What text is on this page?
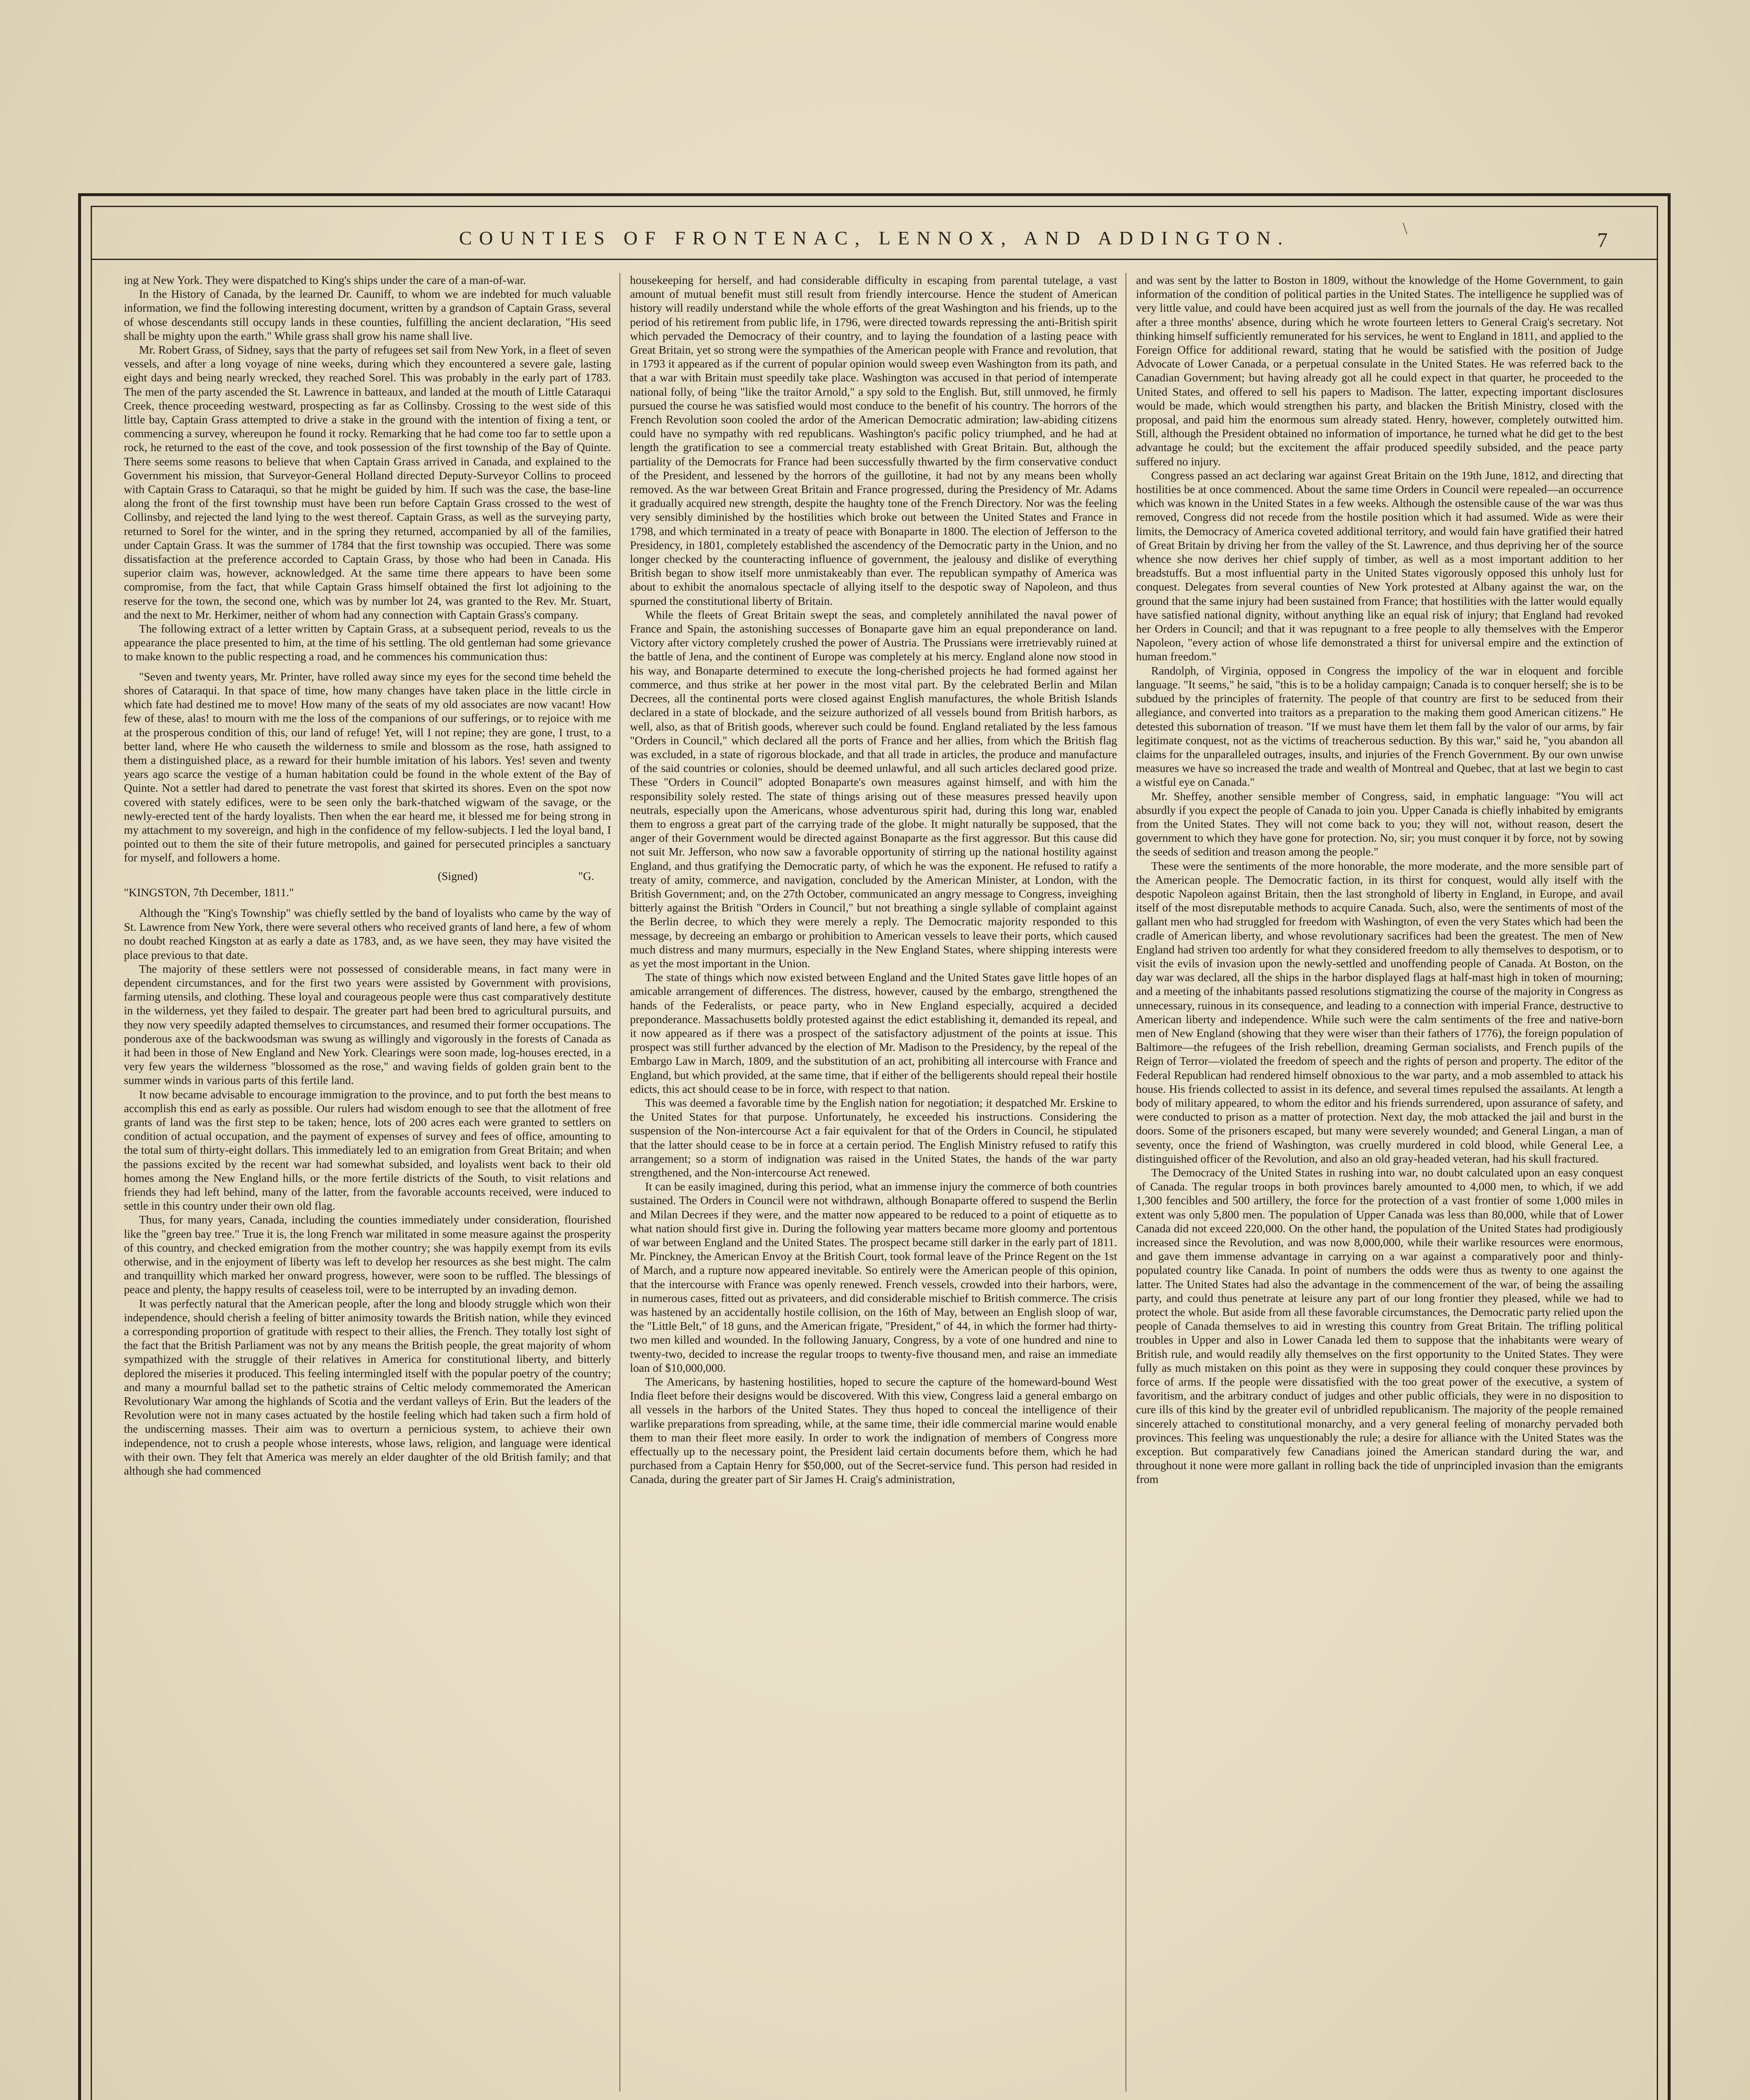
\
COUNTIES OF FRONTENAC, LENNOX, AND ADDINGTON.	7

ing at New York. They were dispatched to King's ships under the care of a man-of-war.

In the History of Canada, by the learned Dr. Cauniff, to whom we are indebted for much valuable information, we find the following interesting document, written by a grandson of Captain Grass, several of whose descendants still occupy lands in these counties, fulfilling the ancient declaration, "His seed shall be mighty upon the earth." While grass shall grow his name shall live.

Mr. Robert Grass, of Sidney, says that the party of refugees set sail from New York, in a fleet of seven vessels, and after a long voyage of nine weeks, during which they encountered a severe gale, lasting eight days and being nearly wrecked, they reached Sorel. This was probably in the early part of 1783. The men of the party ascended the St. Lawrence in batteaux, and landed at the mouth of Little Cataraqui Creek, thence proceeding westward, prospecting as far as Collinsby. Crossing to the west side of this little bay, Captain Grass attempted to drive a stake in the ground with the intention of fixing a tent, or commencing a survey, whereupon he found it rocky. Remarking that he had come too far to settle upon a rock, he returned to the east of the cove, and took possession of the first township of the Bay of Quinte. There seems some reasons to believe that when Captain Grass arrived in Canada, and explained to the Government his mission, that Surveyor-General Holland directed Deputy-Surveyor Collins to proceed with Captain Grass to Cataraqui, so that he might be guided by him. If such was the case, the base-line along the front of the first township must have been run before Captain Grass crossed to the west of Collinsby, and rejected the land lying to the west thereof. Captain Grass, as well as the surveying party, returned to Sorel for the winter, and in the spring they returned, accompanied by all of the families, under Captain Grass. It was the summer of 1784 that the first township was occupied. There was some dissatisfaction at the preference accorded to Captain Grass, by those who had been in Canada. His superior claim was, however, acknowledged. At the same time there appears to have been some compromise, from the fact, that while Captain Grass himself obtained the first lot adjoining to the reserve for the town, the second one, which was by number lot 24, was granted to the Rev. Mr. Stuart, and the next to Mr. Herkimer, neither of whom had any connection with Captain Grass's company.

The following extract of a letter written by Captain Grass, at a subsequent period, reveals to us the appearance the place presented to him, at the time of his settling. The old gentleman had some grievance to make known to the public respecting a road, and he commences his communication thus:

"Seven and twenty years, Mr. Printer, have rolled away since my eyes for the second time beheld the shores of Cataraqui. In that space of time, how many changes have taken place in the little circle in which fate had destined me to move! How many of the seats of my old associates are now vacant! How few of these, alas! to mourn with me the loss of the companions of our sufferings, or to rejoice with me at the prosperous condition of this, our land of refuge! Yet, will I not repine; they are gone, I trust, to a better land, where He who causeth the wilderness to smile and blossom as the rose, hath assigned to them a distinguished place, as a reward for their humble imitation of his labors. Yes! seven and twenty years ago scarce the vestige of a human habitation could be found in the whole extent of the Bay of Quinte. Not a settler had dared to penetrate the vast forest that skirted its shores. Even on the spot now covered with stately edifices, were to be seen only the bark-thatched wigwam of the savage, or the newly-erected tent of the hardy loyalists. Then when the ear heard me, it blessed me for being strong in my attachment to my sovereign, and high in the confidence of my fellow-subjects. I led the loyal band, I pointed out to them the site of their future metropolis, and gained for persecuted principles a sanctuary for myself, and followers a home.

(Signed)	"G.

"KINGSTON, 7th December, 1811."

Although the "King's Township" was chiefly settled by the band of loyalists who came by the way of St. Lawrence from New York, there were several others who received grants of land here, a few of whom no doubt reached Kingston at as early a date as 1783, and, as we have seen, they may have visited the place previous to that date.

The majority of these settlers were not possessed of considerable means, in fact many were in dependent circumstances, and for the first two years were assisted by Government with provisions, farming utensils, and clothing. These loyal and courageous people were thus cast comparatively destitute in the wilderness, yet they failed to despair. The greater part had been bred to agricultural pursuits, and they now very speedily adapted themselves to circumstances, and resumed their former occupations. The ponderous axe of the backwoodsman was swung as willingly and vigorously in the forests of Canada as it had been in those of New England and New York. Clearings were soon made, log-houses erected, in a very few years the wilderness "blossomed as the rose," and waving fields of golden grain bent to the summer winds in various parts of this fertile land.

It now became advisable to encourage immigration to the province, and to put forth the best means to accomplish this end as early as possible. Our rulers had wisdom enough to see that the allotment of free grants of land was the first step to be taken; hence, lots of 200 acres each were granted to settlers on condition of actual occupation, and the payment of expenses of survey and fees of office, amounting to the total sum of thirty-eight dollars. This immediately led to an emigration from Great Britain; and when the passions excited by the recent war had somewhat subsided, and loyalists went back to their old homes among the New England hills, or the more fertile districts of the South, to visit relations and friends they had left behind, many of the latter, from the favorable accounts received, were induced to settle in this country under their own old flag.

Thus, for many years, Canada, including the counties immediately under consideration, flourished like the "green bay tree." True it is, the long French war militated in some measure against the prosperity of this country, and checked emigration from the mother country; she was happily exempt from its evils otherwise, and in the enjoyment of liberty was left to develop her resources as she best might. The calm and tranquillity which marked her onward progress, however, were soon to be ruffled. The blessings of peace and plenty, the happy results of ceaseless toil, were to be interrupted by an invading demon.

It was perfectly natural that the American people, after the long and bloody struggle which won their independence, should cherish a feeling of bitter animosity towards the British nation, while they evinced a corresponding proportion of gratitude with respect to their allies, the French. They totally lost sight of the fact that the British Parliament was not by any means the British people, the great majority of whom sympathized with the struggle of their relatives in America for constitutional liberty, and bitterly deplored the miseries it produced. This feeling intermingled itself with the popular poetry of the country; and many a mournful ballad set to the pathetic strains of Celtic melody commemorated the American Revolutionary War among the highlands of Scotia and the verdant valleys of Erin. But the leaders of the Revolution were not in many cases actuated by the hostile feeling which had taken such a firm hold of the undiscerning masses. Their aim was to overturn a pernicious system, to achieve their own independence, not to crush a people whose interests, whose laws, religion, and language were identical with their own. They felt that America was merely an elder daughter of the old British family; and that although she had commenced

housekeeping for herself, and had considerable difficulty in escaping from parental tutelage, a vast amount of mutual benefit must still result from friendly intercourse. Hence the student of American history will readily understand while the whole efforts of the great Washington and his friends, up to the period of his retirement from public life, in 1796, were directed towards repressing the anti-British spirit which pervaded the Democracy of their country, and to laying the foundation of a lasting peace with Great Britain, yet so strong were the sympathies of the American people with France and revolution, that in 1793 it appeared as if the current of popular opinion would sweep even Washington from its path, and that a war with Britain must speedily take place. Washington was accused in that period of intemperate national folly, of being "like the traitor Arnold," a spy sold to the English. But, still unmoved, he firmly pursued the course he was satisfied would most conduce to the benefit of his country. The horrors of the French Revolution soon cooled the ardor of the American Democratic admiration; law-abiding citizens could have no sympathy with red republicans. Washington's pacific policy triumphed, and he had at length the gratification to see a commercial treaty established with Great Britain. But, although the partiality of the Democrats for France had been successfully thwarted by the firm conservative conduct of the President, and lessened by the horrors of the guillotine, it had not by any means been wholly removed. As the war between Great Britain and France progressed, during the Presidency of Mr. Adams it gradually acquired new strength, despite the haughty tone of the French Directory. Nor was the feeling very sensibly diminished by the hostilities which broke out between the United States and France in 1798, and which terminated in a treaty of peace with Bonaparte in 1800. The election of Jefferson to the Presidency, in 1801, completely established the ascendency of the Democratic party in the Union, and no longer checked by the counteracting influence of government, the jealousy and dislike of everything British began to show itself more unmistakeably than ever. The republican sympathy of America was about to exhibit the anomalous spectacle of allying itself to the despotic sway of Napoleon, and thus spurned the constitutional liberty of Britain.

While the fleets of Great Britain swept the seas, and completely annihilated the naval power of France and Spain, the astonishing successes of Bonaparte gave him an equal preponderance on land. Victory after victory completely crushed the power of Austria. The Prussians were irretrievably ruined at the battle of Jena, and the continent of Europe was completely at his mercy. England alone now stood in his way, and Bonaparte determined to execute the long-cherished projects he had formed against her commerce, and thus strike at her power in the most vital part. By the celebrated Berlin and Milan Decrees, all the continental ports were closed against English manufactures, the whole British Islands declared in a state of blockade, and the seizure authorized of all vessels bound from British harbors, as well, also, as that of British goods, wherever such could be found. England retaliated by the less famous "Orders in Council," which declared all the ports of France and her allies, from which the British flag was excluded, in a state of rigorous blockade, and that all trade in articles, the produce and manufacture of the said countries or colonies, should be deemed unlawful, and all such articles declared good prize. These "Orders in Council" adopted Bonaparte's own measures against himself, and with him the responsibility solely rested. The state of things arising out of these measures pressed heavily upon neutrals, especially upon the Americans, whose adventurous spirit had, during this long war, enabled them to engross a great part of the carrying trade of the globe. It might naturally be supposed, that the anger of their Government would be directed against Bonaparte as the first aggressor. But this cause did not suit Mr. Jefferson, who now saw a favorable opportunity of stirring up the national hostility against England, and thus gratifying the Democratic party, of which he was the exponent. He refused to ratify a treaty of amity, commerce, and navigation, concluded by the American Minister, at London, with the British Government; and, on the 27th October, communicated an angry message to Congress, inveighing bitterly against the British "Orders in Council," but not breathing a single syllable of complaint against the Berlin decree, to which they were merely a reply. The Democratic majority responded to this message, by decreeing an embargo or prohibition to American vessels to leave their ports, which caused much distress and many murmurs, especially in the New England States, where shipping interests were as yet the most important in the Union.

The state of things which now existed between England and the United States gave little hopes of an amicable arrangement of differences. The distress, however, caused by the embargo, strengthened the hands of the Federalists, or peace party, who in New England especially, acquired a decided preponderance. Massachusetts boldly protested against the edict establishing it, demanded its repeal, and it now appeared as if there was a prospect of the satisfactory adjustment of the points at issue. This prospect was still further advanced by the election of Mr. Madison to the Presidency, by the repeal of the Embargo Law in March, 1809, and the substitution of an act, prohibiting all intercourse with France and England, but which provided, at the same time, that if either of the belligerents should repeal their hostile edicts, this act should cease to be in force, with respect to that nation.

This was deemed a favorable time by the English nation for negotiation; it despatched Mr. Erskine to the United States for that purpose. Unfortunately, he exceeded his instructions. Considering the suspension of the Non-intercourse Act a fair equivalent for that of the Orders in Council, he stipulated that the latter should cease to be in force at a certain period. The English Ministry refused to ratify this arrangement; so a storm of indignation was raised in the United States, the hands of the war party strengthened, and the Non-intercourse Act renewed.

It can be easily imagined, during this period, what an immense injury the commerce of both countries sustained. The Orders in Council were not withdrawn, although Bonaparte offered to suspend the Berlin and Milan Decrees if they were, and the matter now appeared to be reduced to a point of etiquette as to what nation should first give in. During the following year matters became more gloomy and portentous of war between England and the United States. The prospect became still darker in the early part of 1811. Mr. Pinckney, the American Envoy at the British Court, took formal leave of the Prince Regent on the 1st of March, and a rupture now appeared inevitable. So entirely were the American people of this opinion, that the intercourse with France was openly renewed. French vessels, crowded into their harbors, were, in numerous cases, fitted out as privateers, and did considerable mischief to British commerce. The crisis was hastened by an accidentally hostile collision, on the 16th of May, between an English sloop of war, the "Little Belt," of 18 guns, and the American frigate, "President," of 44, in which the former had thirty-two men killed and wounded. In the following January, Congress, by a vote of one hundred and nine to twenty-two, decided to increase the regular troops to twenty-five thousand men, and raise an immediate loan of $10,000,000.

The Americans, by hastening hostilities, hoped to secure the capture of the homeward-bound West India fleet before their designs would be discovered. With this view, Congress laid a general embargo on all vessels in the harbors of the United States. They thus hoped to conceal the intelligence of their warlike preparations from spreading, while, at the same time, their idle commercial marine would enable them to man their fleet more easily. In order to work the indignation of members of Congress more effectually up to the necessary point, the President laid certain documents before them, which he had purchased from a Captain Henry for $50,000, out of the Secret-service fund. This person had resided in Canada, during the greater part of Sir James H. Craig's administration,

and was sent by the latter to Boston in 1809, without the knowledge of the Home Government, to gain information of the condition of political parties in the United States. The intelligence he supplied was of very little value, and could have been acquired just as well from the journals of the day. He was recalled after a three months' absence, during which he wrote fourteen letters to General Craig's secretary. Not thinking himself sufficiently remunerated for his services, he went to England in 1811, and applied to the Foreign Office for additional reward, stating that he would be satisfied with the position of Judge Advocate of Lower Canada, or a perpetual consulate in the United States. He was referred back to the Canadian Government; but having already got all he could expect in that quarter, he proceeded to the United States, and offered to sell his papers to Madison. The latter, expecting important disclosures would be made, which would strengthen his party, and blacken the British Ministry, closed with the proposal, and paid him the enormous sum already stated. Henry, however, completely outwitted him. Still, although the President obtained no information of importance, he turned what he did get to the best advantage he could; but the excitement the affair produced speedily subsided, and the peace party suffered no injury.

Congress passed an act declaring war against Great Britain on the 19th June, 1812, and directing that hostilities be at once commenced. About the same time Orders in Council were repealed—an occurrence which was known in the United States in a few weeks. Although the ostensible cause of the war was thus removed, Congress did not recede from the hostile position which it had assumed. Wide as were their limits, the Democracy of America coveted additional territory, and would fain have gratified their hatred of Great Britain by driving her from the valley of the St. Lawrence, and thus depriving her of the source whence she now derives her chief supply of timber, as well as a most important addition to her breadstuffs. But a most influential party in the United States vigorously opposed this unholy lust for conquest. Delegates from several counties of New York protested at Albany against the war, on the ground that the same injury had been sustained from France; that hostilities with the latter would equally have satisfied national dignity, without anything like an equal risk of injury; that England had revoked her Orders in Council; and that it was repugnant to a free people to ally themselves with the Emperor Napoleon, "every action of whose life demonstrated a thirst for universal empire and the extinction of human freedom."

Randolph, of Virginia, opposed in Congress the impolicy of the war in eloquent and forcible language. "It seems," he said, "this is to be a holiday campaign; Canada is to conquer herself; she is to be subdued by the principles of fraternity. The people of that country are first to be seduced from their allegiance, and converted into traitors as a preparation to the making them good American citizens." He detested this subornation of treason. "If we must have them let them fall by the valor of our arms, by fair legitimate conquest, not as the victims of treacherous seduction. By this war," said he, "you abandon all claims for the unparalleled outrages, insults, and injuries of the French Government. By our own unwise measures we have so increased the trade and wealth of Montreal and Quebec, that at last we begin to cast a wistful eye on Canada."

Mr. Sheffey, another sensible member of Congress, said, in emphatic language: "You will act absurdly if you expect the people of Canada to join you. Upper Canada is chiefly inhabited by emigrants from the United States. They will not come back to you; they will not, without reason, desert the government to which they have gone for protection. No, sir; you must conquer it by force, not by sowing the seeds of sedition and treason among the people."

These were the sentiments of the more honorable, the more moderate, and the more sensible part of the American people. The Democratic faction, in its thirst for conquest, would ally itself with the despotic Napoleon against Britain, then the last stronghold of liberty in England, in Europe, and avail itself of the most disreputable methods to acquire Canada. Such, also, were the sentiments of most of the gallant men who had struggled for freedom with Washington, of even the very States which had been the cradle of American liberty, and whose revolutionary sacrifices had been the greatest. The men of New England had striven too ardently for what they considered freedom to ally themselves to despotism, or to visit the evils of invasion upon the newly-settled and unoffending people of Canada. At Boston, on the day war was declared, all the ships in the harbor displayed flags at half-mast high in token of mourning; and a meeting of the inhabitants passed resolutions stigmatizing the course of the majority in Congress as unnecessary, ruinous in its consequence, and leading to a connection with imperial France, destructive to American liberty and independence. While such were the calm sentiments of the free and native-born men of New England (showing that they were wiser than their fathers of 1776), the foreign population of Baltimore—the refugees of the Irish rebellion, dreaming German socialists, and French pupils of the Reign of Terror—violated the freedom of speech and the rights of person and property. The editor of the Federal Republican had rendered himself obnoxious to the war party, and a mob assembled to attack his house. His friends collected to assist in its defence, and several times repulsed the assailants. At length a body of military appeared, to whom the editor and his friends surrendered, upon assurance of safety, and were conducted to prison as a matter of protection. Next day, the mob attacked the jail and burst in the doors. Some of the prisoners escaped, but many were severely wounded; and General Lingan, a man of seventy, once the friend of Washington, was cruelly murdered in cold blood, while General Lee, a distinguished officer of the Revolution, and also an old gray-headed veteran, had his skull fractured.

The Democracy of the United States in rushing into war, no doubt calculated upon an easy conquest of Canada. The regular troops in both provinces barely amounted to 4,000 men, to which, if we add 1,300 fencibles and 500 artillery, the force for the protection of a vast frontier of some 1,000 miles in extent was only 5,800 men. The population of Upper Canada was less than 80,000, while that of Lower Canada did not exceed 220,000. On the other hand, the population of the United States had prodigiously increased since the Revolution, and was now 8,000,000, while their warlike resources were enormous, and gave them immense advantage in carrying on a war against a comparatively poor and thinly-populated country like Canada. In point of numbers the odds were thus as twenty to one against the latter. The United States had also the advantage in the commencement of the war, of being the assailing party, and could thus penetrate at leisure any part of our long frontier they pleased, while we had to protect the whole. But aside from all these favorable circumstances, the Democratic party relied upon the people of Canada themselves to aid in wresting this country from Great Britain. The trifling political troubles in Upper and also in Lower Canada led them to suppose that the inhabitants were weary of British rule, and would readily ally themselves on the first opportunity to the United States. They were fully as much mistaken on this point as they were in supposing they could conquer these provinces by force of arms. If the people were dissatisfied with the too great power of the executive, a system of favoritism, and the arbitrary conduct of judges and other public officials, they were in no disposition to cure ills of this kind by the greater evil of unbridled republicanism. The majority of the people remained sincerely attached to constitutional monarchy, and a very general feeling of monarchy pervaded both provinces. This feeling was unquestionably the rule; a desire for alliance with the United States was the exception. But comparatively few Canadians joined the American standard during the war, and throughout it none were more gallant in rolling back the tide of unprincipled invasion than the emigrants from
